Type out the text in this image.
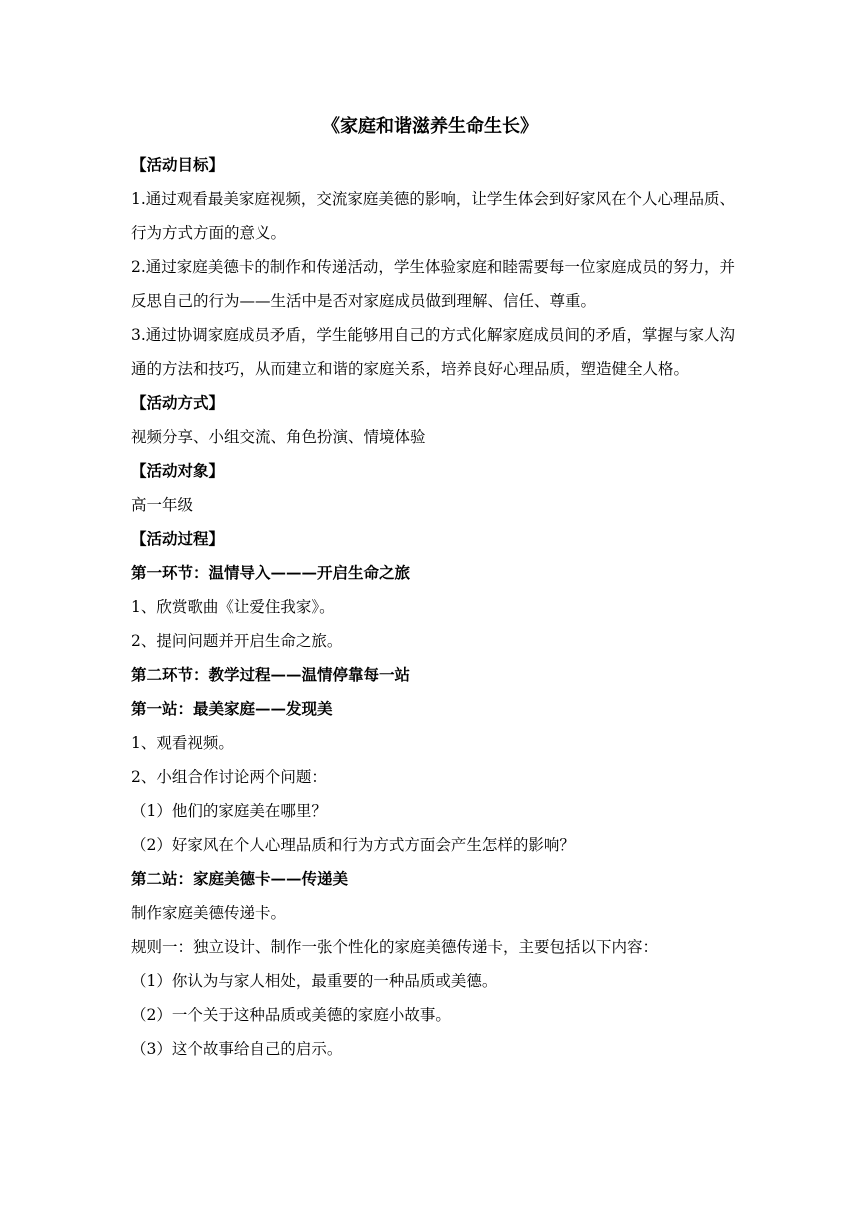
《家庭和谐滋养生命生长》
【活动目标】
1.通过观看最美家庭视频，交流家庭美德的影响，让学生体会到好家风在个人心理品质、行为方式方面的意义。
2.通过家庭美德卡的制作和传递活动，学生体验家庭和睦需要每一位家庭成员的努力，并反思自己的行为——生活中是否对家庭成员做到理解、信任、尊重。
3.通过协调家庭成员矛盾，学生能够用自己的方式化解家庭成员间的矛盾，掌握与家人沟通的方法和技巧，从而建立和谐的家庭关系，培养良好心理品质，塑造健全人格。
【活动方式】
视频分享、小组交流、角色扮演、情境体验
【活动对象】
高一年级
【活动过程】
第一环节：温情导入———开启生命之旅
1、欣赏歌曲《让爱住我家》。
2、提问问题并开启生命之旅。
第二环节：教学过程——温情停靠每一站
第一站：最美家庭——发现美
1、观看视频。
2、小组合作讨论两个问题：
（1）他们的家庭美在哪里？
（2）好家风在个人心理品质和行为方式方面会产生怎样的影响？
第二站：家庭美德卡——传递美
制作家庭美德传递卡。
规则一：独立设计、制作一张个性化的家庭美德传递卡，主要包括以下内容：
（1）你认为与家人相处，最重要的一种品质或美德。
（2）一个关于这种品质或美德的家庭小故事。
（3）这个故事给自己的启示。
